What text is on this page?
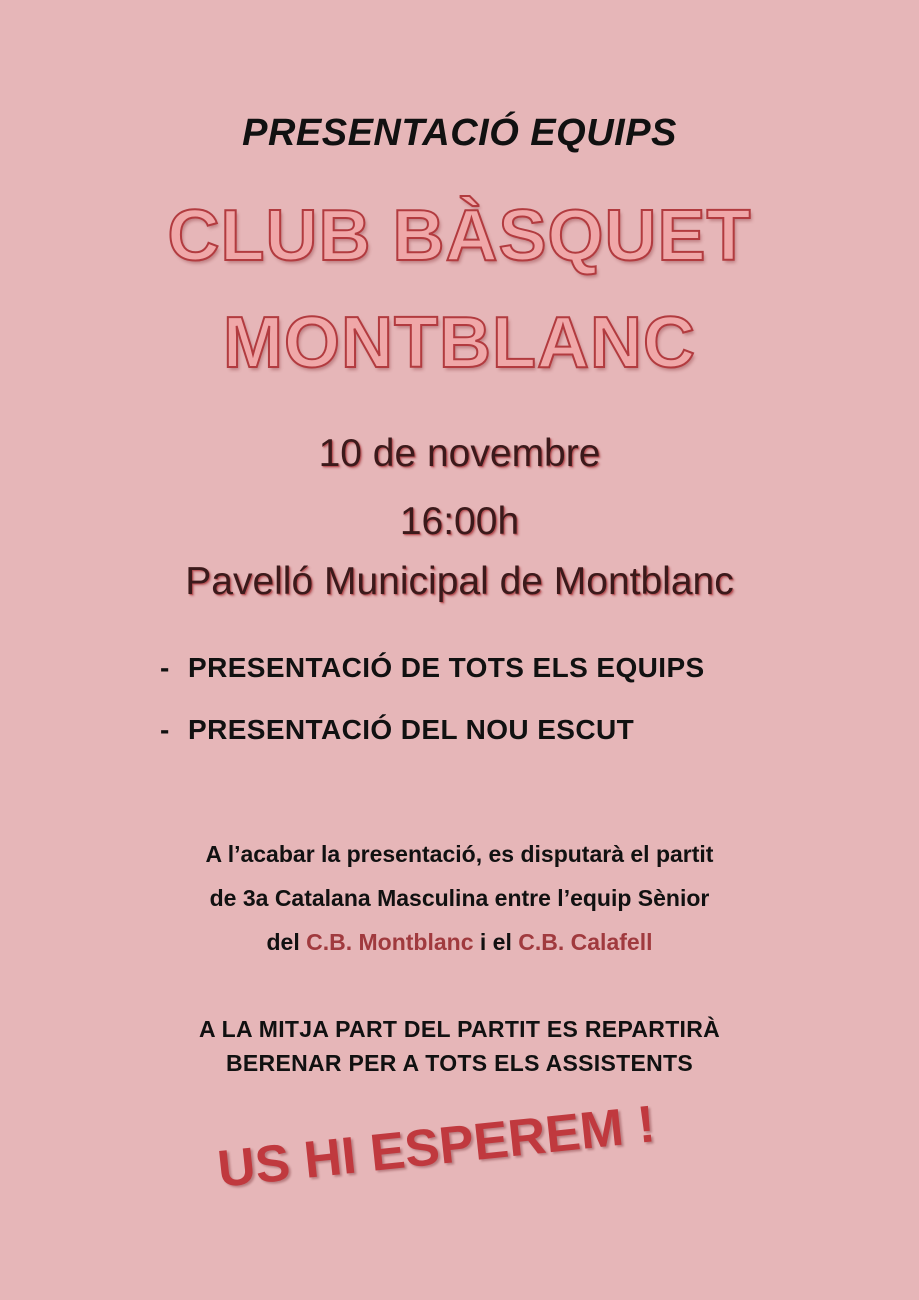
PRESENTACIÓ EQUIPS
CLUB BÀSQUET
MONTBLANC
10 de novembre
16:00h
Pavelló Municipal de Montblanc
- PRESENTACIÓ DE TOTS ELS EQUIPS
- PRESENTACIÓ DEL NOU ESCUT
A l’acabar la presentació, es disputarà el partit
de 3a Catalana Masculina entre l’equip Sènior
del C.B. Montblanc i el C.B. Calafell
A LA MITJA PART DEL PARTIT ES REPARTIRÀ
BERENAR PER A TOTS ELS ASSISTENTS
US HI ESPEREM !
